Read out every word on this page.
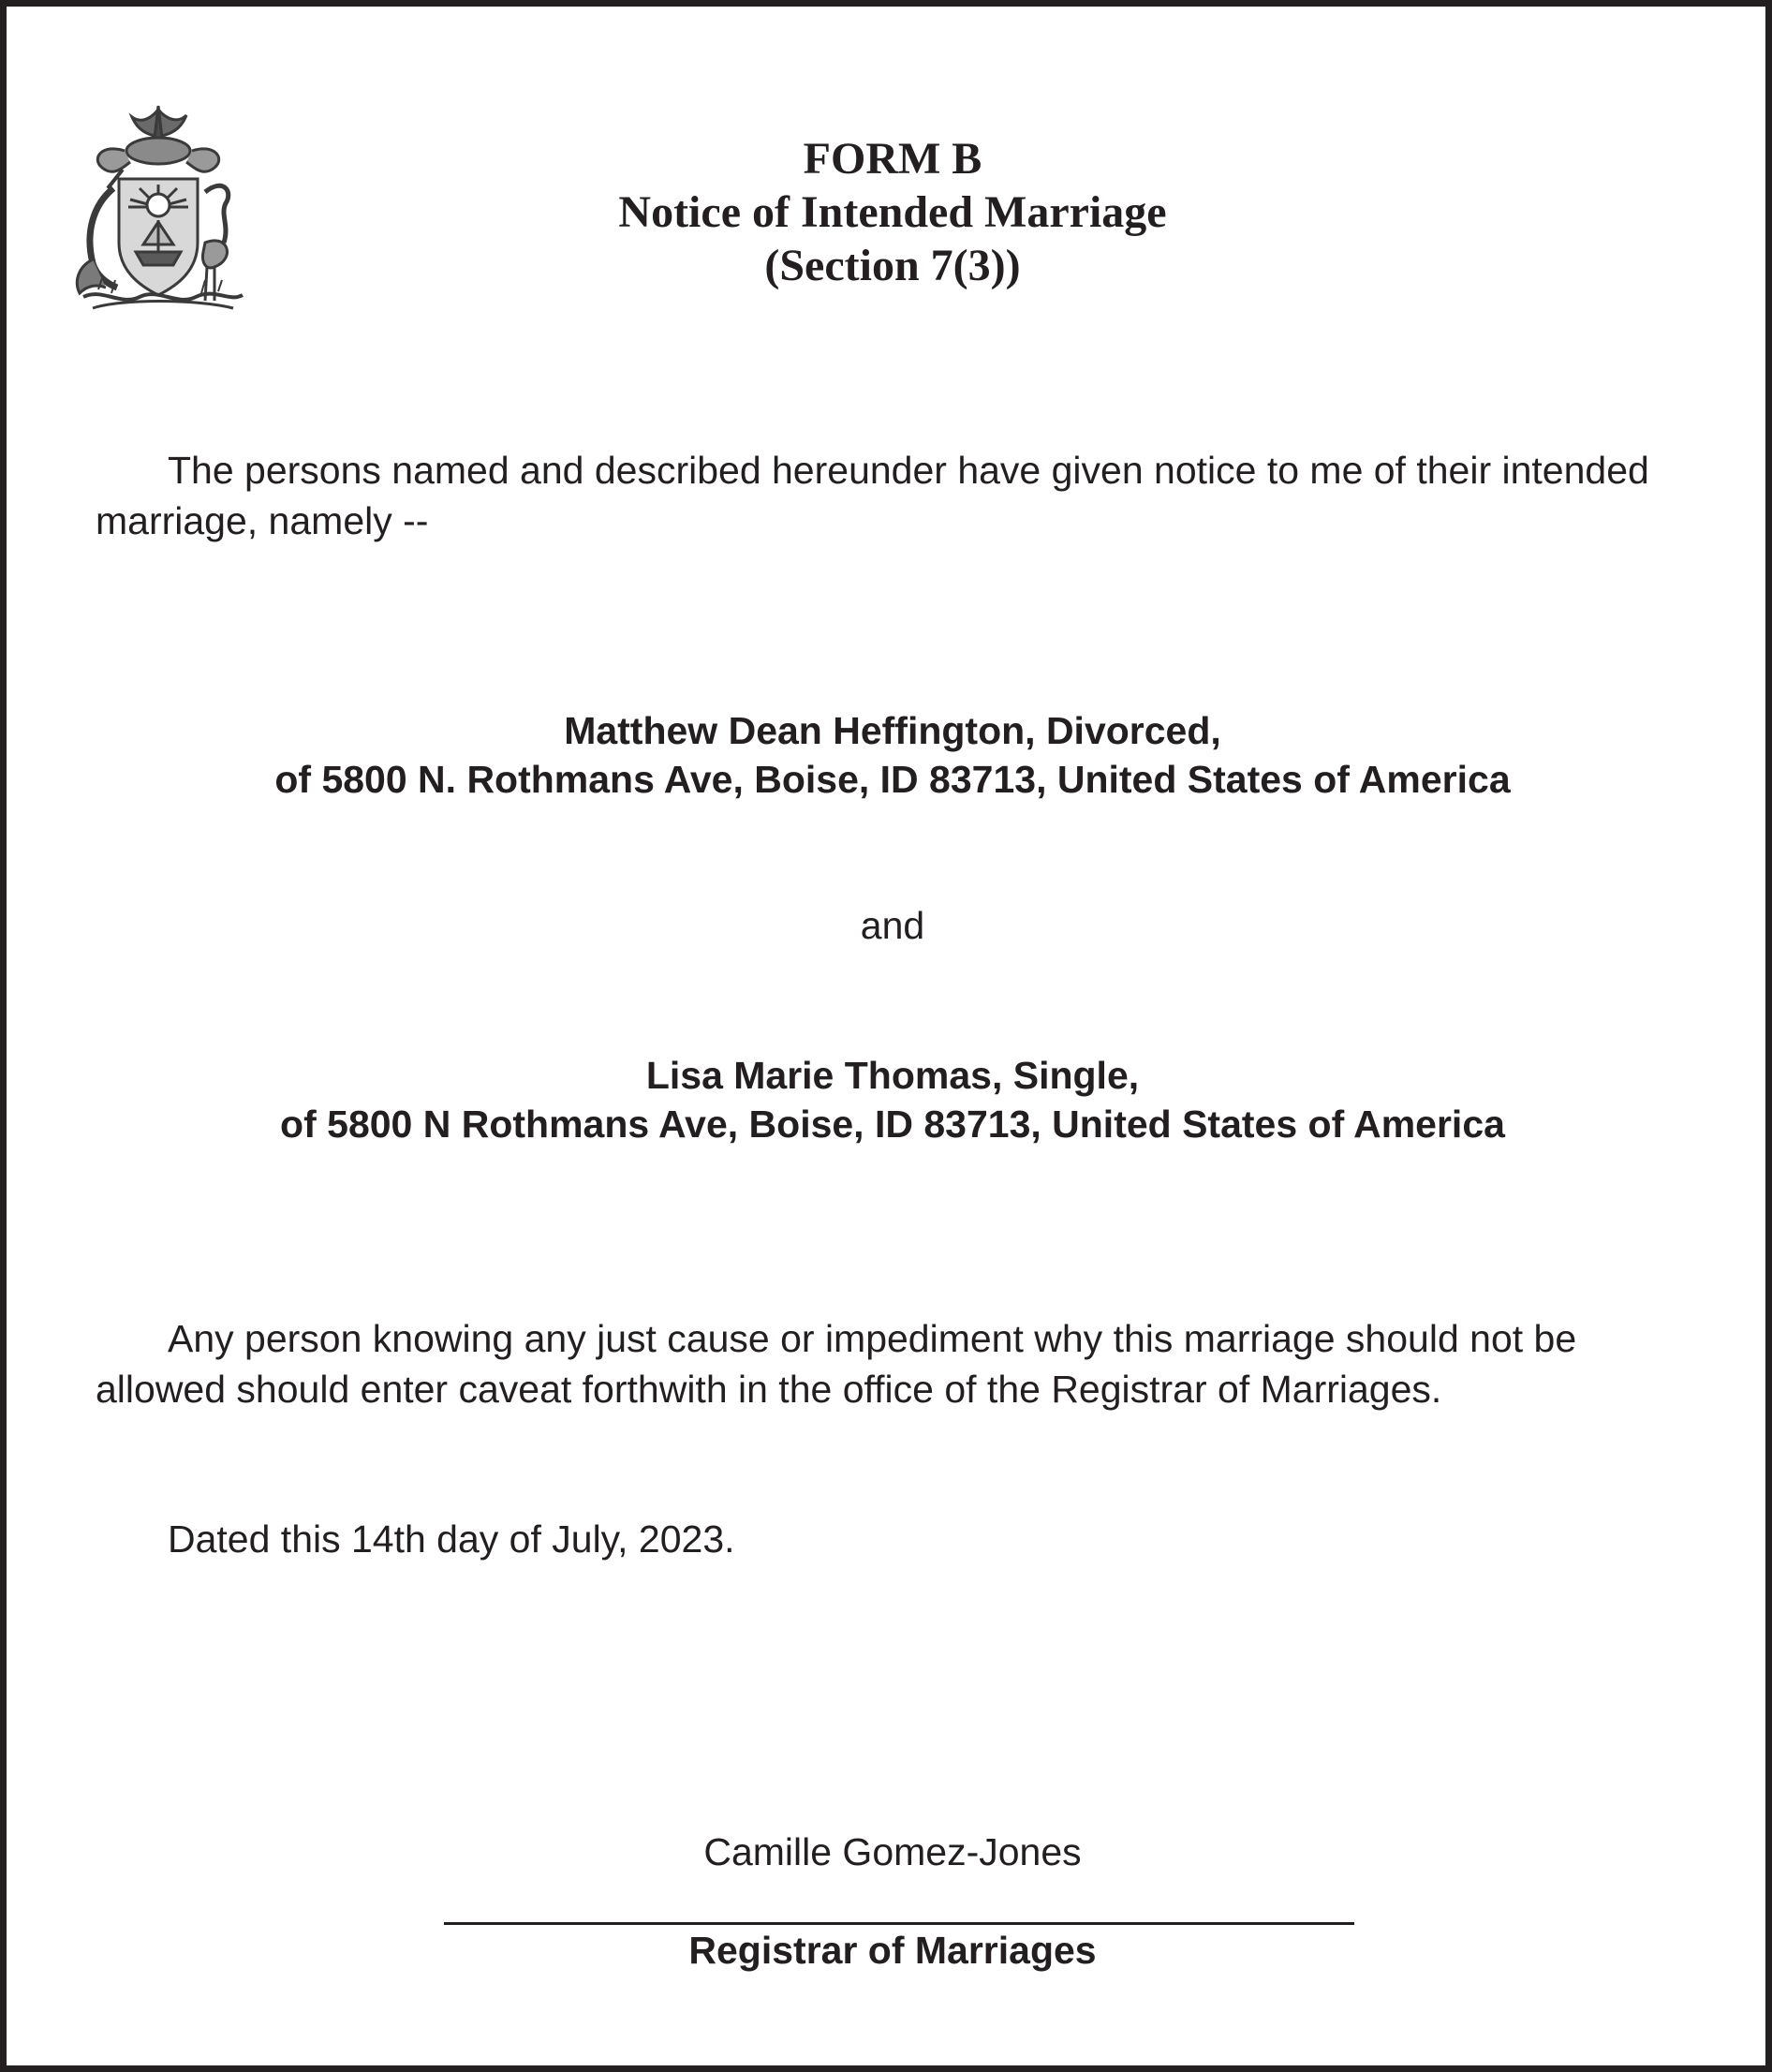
FORM B
Notice of Intended Marriage
(Section 7(3))

The persons named and described hereunder have given notice to me of their intended marriage, namely --

Matthew Dean Heffington, Divorced,
of 5800 N. Rothmans Ave, Boise, ID 83713, United States of America
and
Lisa Marie Thomas, Single,
of 5800 N Rothmans Ave, Boise, ID 83713, United States of America

Any person knowing any just cause or impediment why this marriage should not be allowed should enter caveat forthwith in the office of the Registrar of Marriages.

Dated this 14th day of July, 2023.

Camille Gomez-Jones
Registrar of Marriages
